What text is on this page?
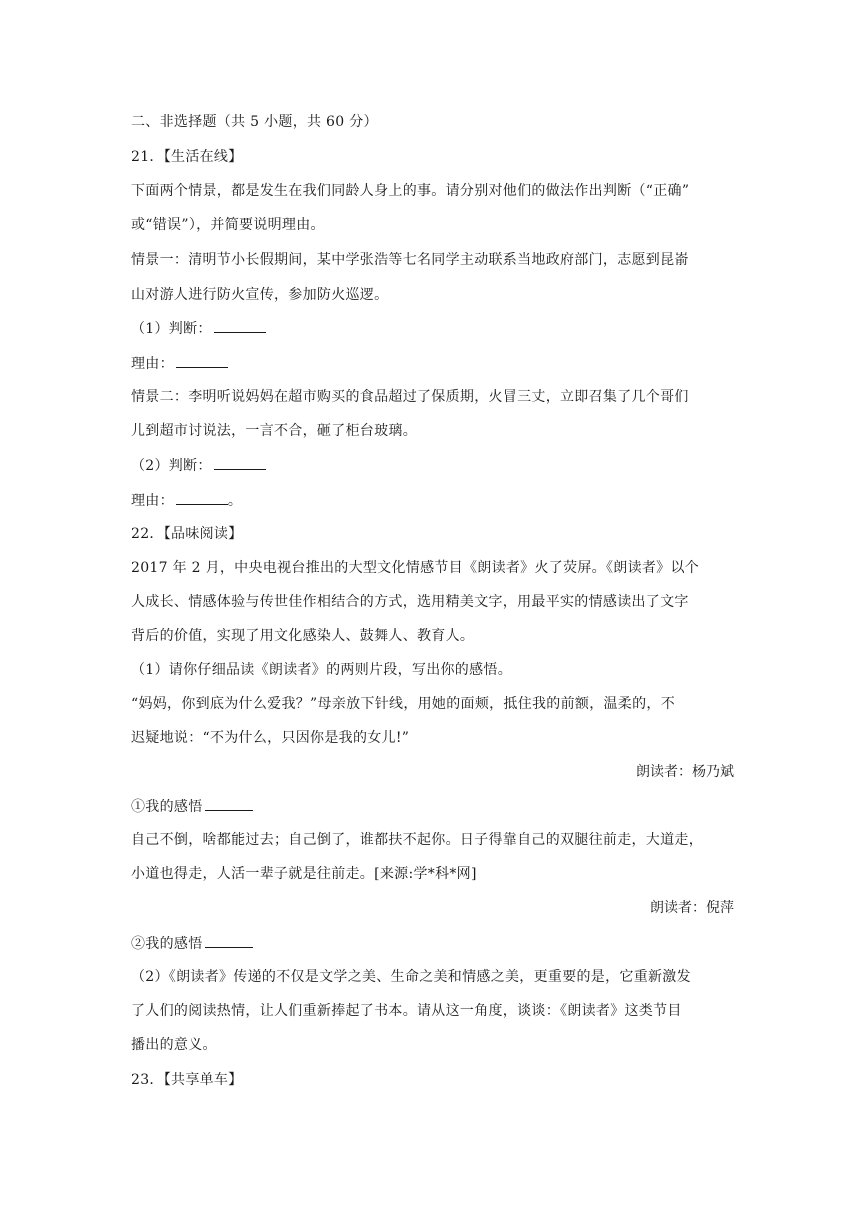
二、非选择题（共 5 小题，共 60 分）
21．【生活在线】
下面两个情景，都是发生在我们同龄人身上的事。请分别对他们的做法作出判断（“正确”
或“错误”），并简要说明理由。
情景一：清明节小长假期间，某中学张浩等七名同学主动联系当地政府部门，志愿到昆嵛
山对游人进行防火宣传，参加防火巡逻。
（1）判断：
理由：
情景二：李明听说妈妈在超市购买的食品超过了保质期，火冒三丈，立即召集了几个哥们
儿到超市讨说法，一言不合，砸了柜台玻璃。
（2）判断：
理由：	。
22．【品味阅读】
2017 年 2 月，中央电视台推出的大型文化情感节目《朗读者》火了荧屏。《朗读者》以个
人成长、情感体验与传世佳作相结合的方式，选用精美文字，用最平实的情感读出了文字
背后的价值，实现了用文化感染人、鼓舞人、教育人。
（1）请你仔细品读《朗读者》的两则片段，写出你的感悟。
“妈妈，你到底为什么爱我？”母亲放下针线，用她的面颊，抵住我的前额，温柔的，不
迟疑地说：“不为什么，只因你是我的女儿!”
朗读者：杨乃斌
①我的感悟
自己不倒，啥都能过去；自己倒了，谁都扶不起你。日子得靠自己的双腿往前走，大道走，
小道也得走，人活一辈子就是往前走。[来源:学*科*网]
朗读者：倪萍
②我的感悟
（2）《朗读者》传递的不仅是文学之美、生命之美和情感之美，更重要的是，它重新激发
了人们的阅读热情，让人们重新捧起了书本。请从这一角度，谈谈：《朗读者》这类节目
播出的意义。
23．【共享单车】
